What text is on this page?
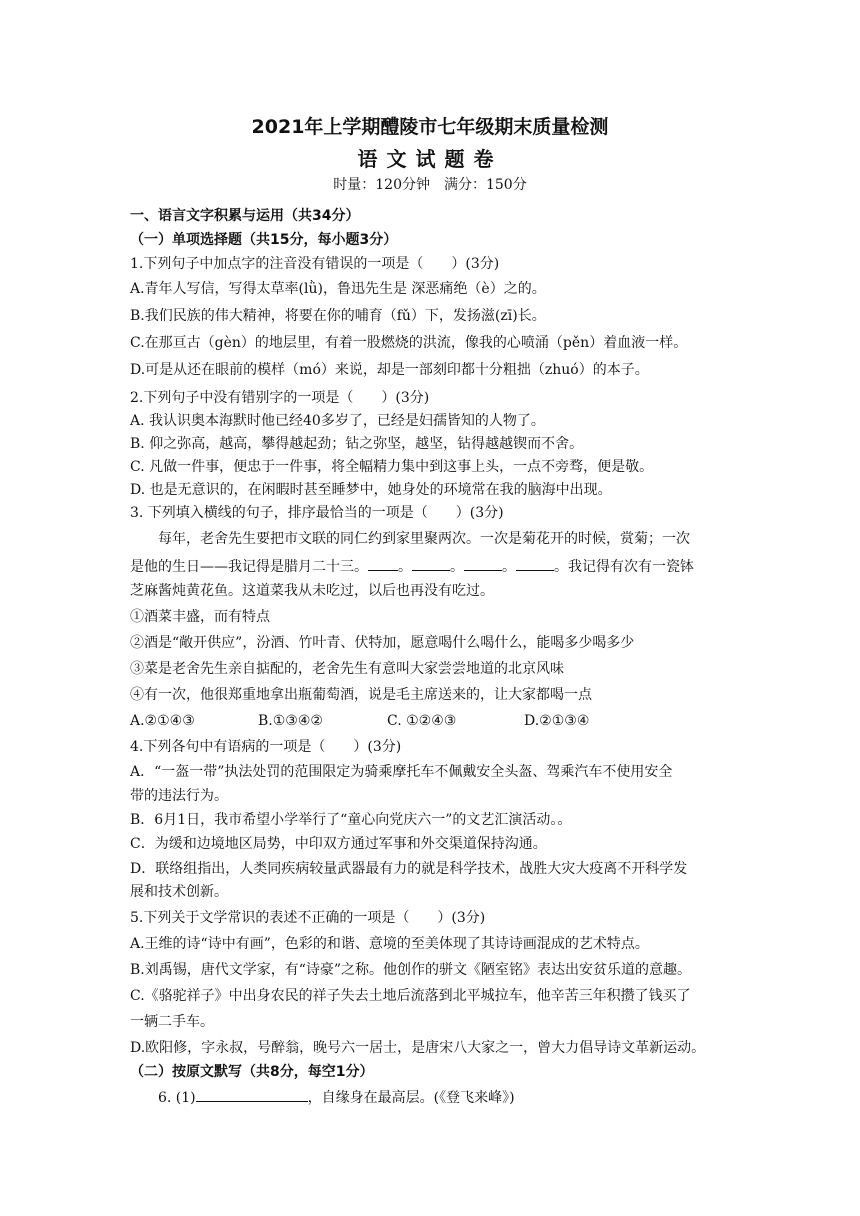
2021年上学期醴陵市七年级期末质量检测
语文试题卷
时量：120分钟　满分：150分
一、语言文字积累与运用（共34分）
（一）单项选择题（共15分，每小题3分）
1.下列句子中加点字的注音没有错误的一项是（　　）(3分)
A.青年人写信，写得太草率(lǜ)，鲁迅先生是 深恶痛绝（è）之的。
B.我们民族的伟大精神，将要在你的哺育（fǔ）下，发扬滋(zī)长。
C.在那亘古（gèn）的地层里，有着一股燃烧的洪流，像我的心喷涌（pěn）着血液一样。
D.可是从还在眼前的模样（mó）来说，却是一部刻印都十分粗拙（zhuó）的本子。
2.下列句子中没有错别字的一项是（　　）(3分)
A. 我认识奥本海默时他已经40多岁了，已经是妇孺皆知的人物了。
B. 仰之弥高，越高，攀得越起劲；钻之弥坚，越坚，钻得越越锲而不舍。
C. 凡做一件事，便忠于一件事，将全幅精力集中到这事上头，一点不旁骛，便是敬。
D. 也是无意识的，在闲暇时甚至睡梦中，她身处的环境常在我的脑海中出现。
3. 下列填入横线的句子，排序最恰当的一项是（　　）(3分)
每年，老舍先生要把市文联的同仁约到家里聚两次。一次是菊花开的时候，赏菊；一次
是他的生日——我记得是腊月二十三。 。	。	。	。我记得有次有一瓷钵
芝麻酱炖黄花鱼。这道菜我从未吃过，以后也再没有吃过。
①酒菜丰盛，而有特点
②酒是“敞开供应”，汾酒、竹叶青、伏特加，愿意喝什么喝什么，能喝多少喝多少
③菜是老舍先生亲自掂配的，老舍先生有意叫大家尝尝地道的北京风味
④有一次，他很郑重地拿出瓶葡萄酒，说是毛主席送来的，让大家都喝一点
A.②①④③	B.①③④②	C. ①②④③	D.②①③④
4.下列各句中有语病的一项是（　　）(3分)
A．“一盔一带”执法处罚的范围限定为骑乘摩托车不佩戴安全头盔、驾乘汽车不使用安全
带的违法行为。
B．6月1日，我市希望小学举行了“童心向党庆六一”的文艺汇演活动。。
C．为缓和边境地区局势，中印双方通过军事和外交渠道保持沟通。
D．联络组指出，人类同疾病较量武器最有力的就是科学技术，战胜大灾大疫离不开科学发
展和技术创新。
5.下列关于文学常识的表述不正确的一项是（　　）(3分)
A.王维的诗“诗中有画”，色彩的和谐、意境的至美体现了其诗诗画混成的艺术特点。
B.刘禹锡，唐代文学家，有“诗豪”之称。他创作的骈文《陋室铭》表达出安贫乐道的意趣。
C.《骆驼祥子》中出身农民的祥子失去土地后流落到北平城拉车，他辛苦三年积攒了钱买了
一辆二手车。
D.欧阳修，字永叔，号醉翁，晚号六一居士，是唐宋八大家之一，曾大力倡导诗文革新运动。
（二）按原文默写（共8分，每空1分）
6. (1)	，自缘身在最高层。(《登飞来峰》)
